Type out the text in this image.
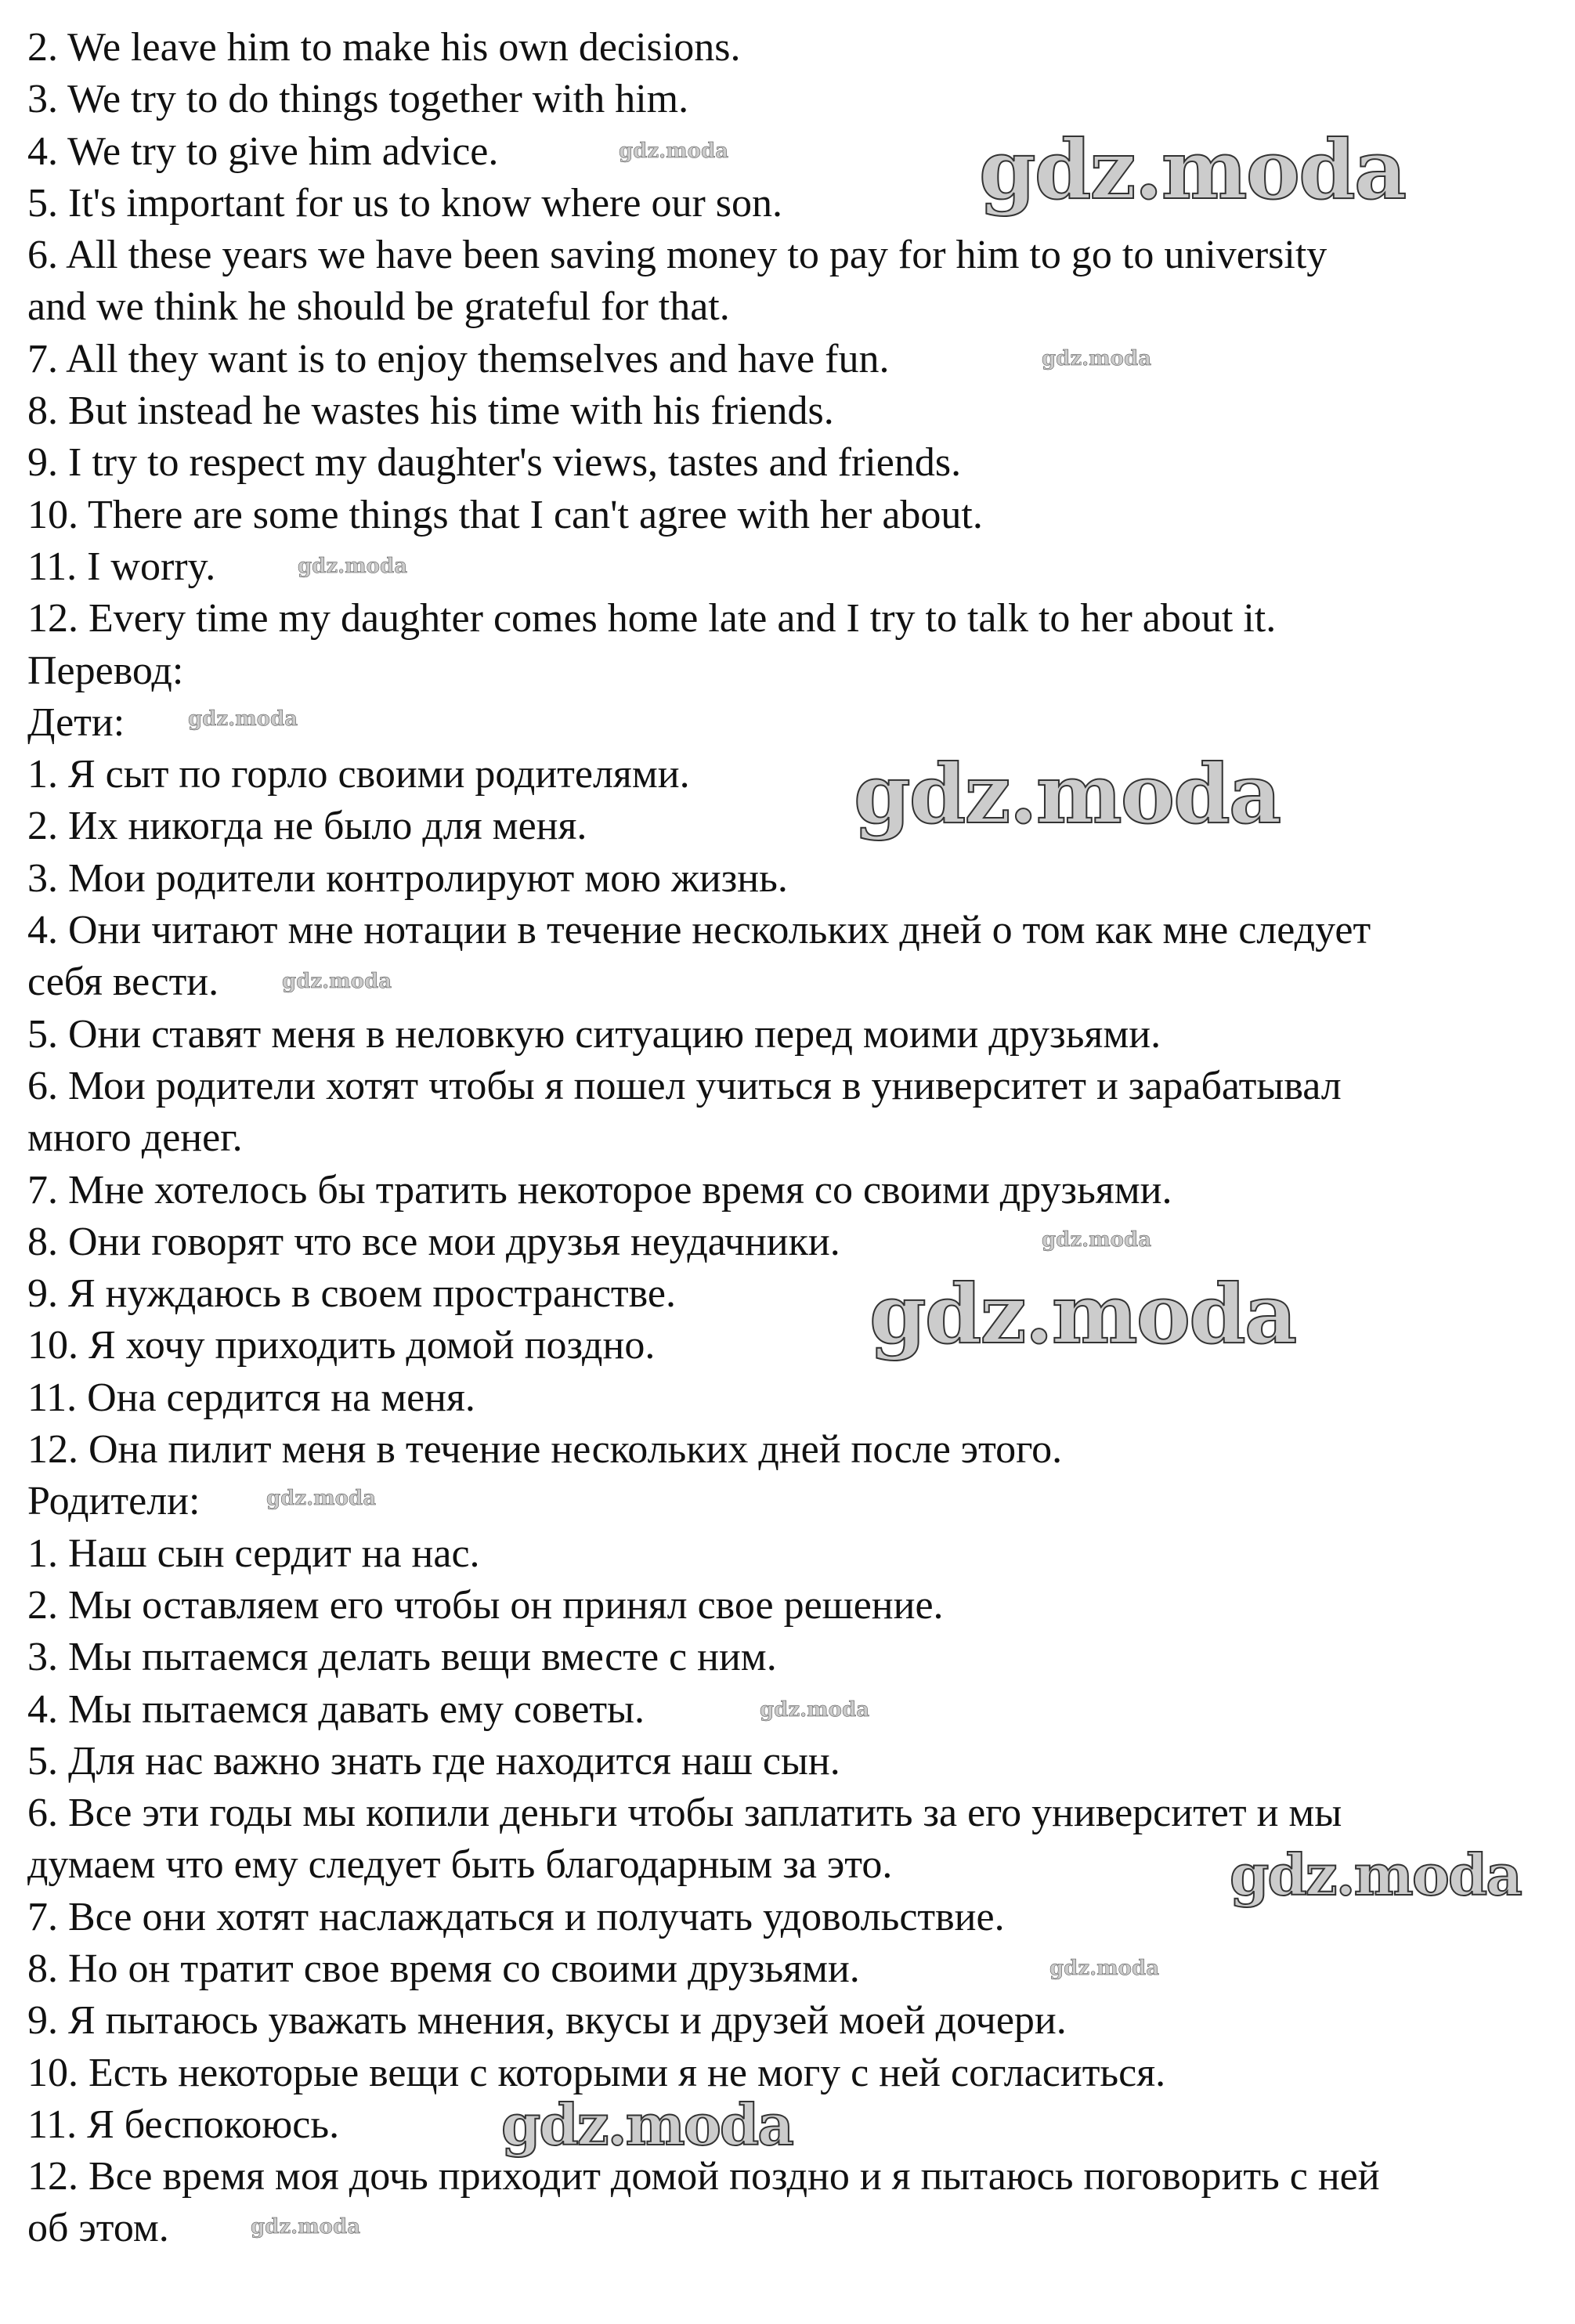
2. We leave him to make his own decisions.
3. We try to do things together with him.
4. We try to give him advice.
5. It's important for us to know where our son.
6. All these years we have been saving money to pay for him to go to university
and we think he should be grateful for that.
7. All they want is to enjoy themselves and have fun.
8. But instead he wastes his time with his friends.
9. I try to respect my daughter's views, tastes and friends.
10. There are some things that I can't agree with her about.
11. I worry.
12. Every time my daughter comes home late and I try to talk to her about it.
Перевод:
Дети:
1. Я сыт по горло своими родителями.
2. Их никогда не было для меня.
3. Мои родители контролируют мою жизнь.
4. Они читают мне нотации в течение нескольких дней о том как мне следует
себя вести.
5. Они ставят меня в неловкую ситуацию перед моими друзьями.
6. Мои родители хотят чтобы я пошел учиться в университет и зарабатывал
много денег.
7. Мне хотелось бы тратить некоторое время со своими друзьями.
8. Они говорят что все мои друзья неудачники.
9. Я нуждаюсь в своем пространстве.
10. Я хочу приходить домой поздно.
11. Она сердится на меня.
12. Она пилит меня в течение нескольких дней после этого.
Родители:
1. Наш сын сердит на нас.
2. Мы оставляем его чтобы он принял свое решение.
3. Мы пытаемся делать вещи вместе с ним.
4. Мы пытаемся давать ему советы.
5. Для нас важно знать где находится наш сын.
6. Все эти годы мы копили деньги чтобы заплатить за его университет и мы
думаем что ему следует быть благодарным за это.
7. Все они хотят наслаждаться и получать удовольствие.
8. Но он тратит свое время со своими друзьями.
9. Я пытаюсь уважать мнения, вкусы и друзей моей дочери.
10. Есть некоторые вещи с которыми я не могу с ней согласиться.
11. Я беспокоюсь.
12. Все время моя дочь приходит домой поздно и я пытаюсь поговорить с ней
об этом.
gdz.moda
gdz.moda
gdz.moda
gdz.moda
gdz.moda
gdz.moda
gdz.moda
gdz.moda
gdz.moda
gdz.moda
gdz.moda
gdz.moda
gdz.moda
gdz.moda
gdz.moda
